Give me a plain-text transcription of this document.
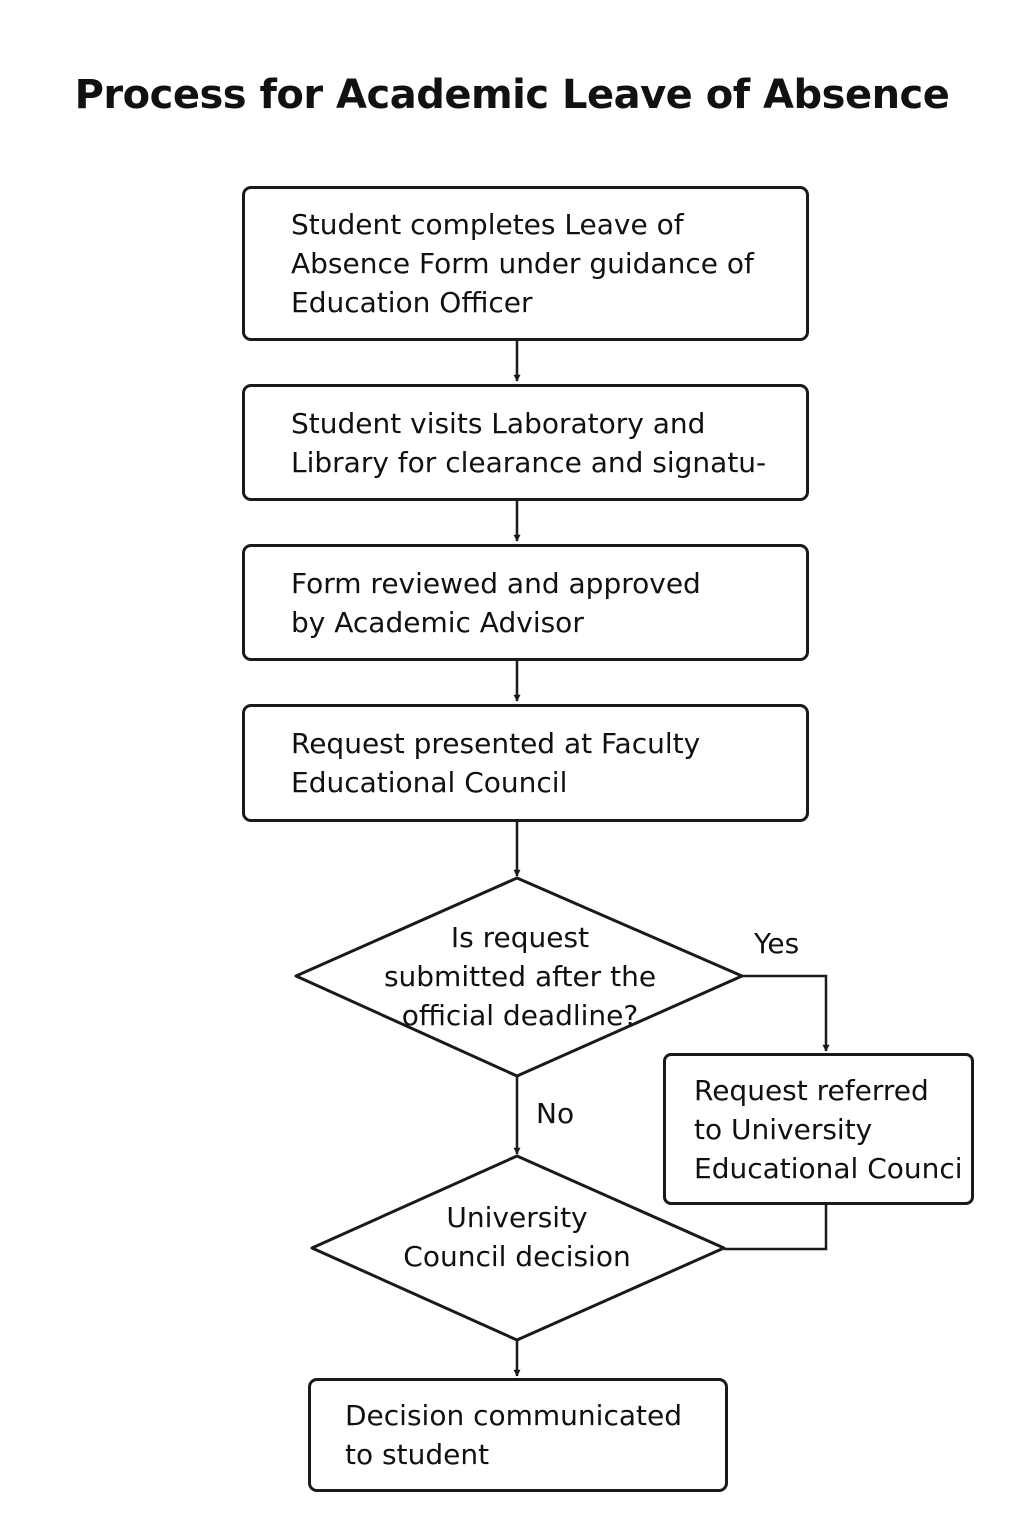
Process for Academic Leave of Absence
Student completes Leave of
Absence Form under guidance of
Education Officer
Student visits Laboratory and
Library for clearance and signatu-
Form reviewed and approved
by Academic Advisor
Request presented at Faculty
Educational Council
Request referred
to University
Educational Counci
Decision communicated
to student
Is request
submitted after the
official deadline?
University
Council decision
Yes
No
